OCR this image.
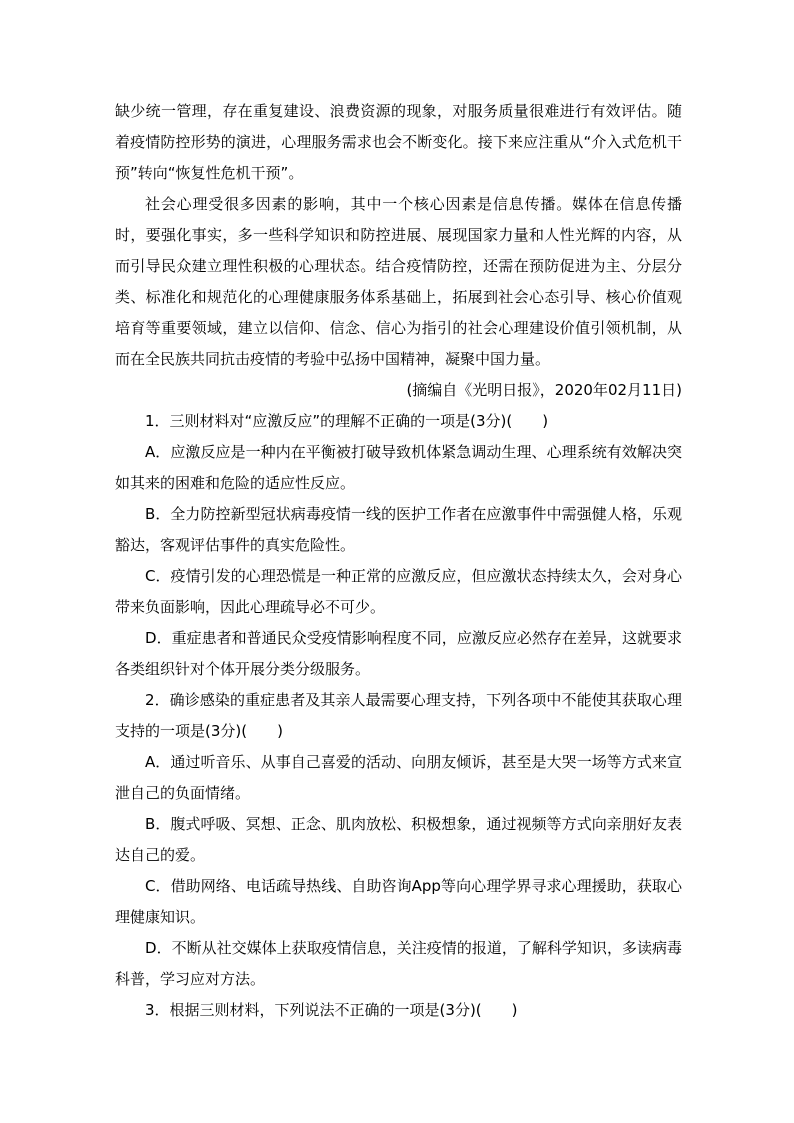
缺少统一管理，存在重复建设、浪费资源的现象，对服务质量很难进行有效评估。随着疫情防控形势的演进，心理服务需求也会不断变化。接下来应注重从“介入式危机干预”转向“恢复性危机干预”。

社会心理受很多因素的影响，其中一个核心因素是信息传播。媒体在信息传播时，要强化事实，多一些科学知识和防控进展、展现国家力量和人性光辉的内容，从而引导民众建立理性积极的心理状态。结合疫情防控，还需在预防促进为主、分层分类、标准化和规范化的心理健康服务体系基础上，拓展到社会心态引导、核心价值观培育等重要领域，建立以信仰、信念、信心为指引的社会心理建设价值引领机制，从而在全民族共同抗击疫情的考验中弘扬中国精神，凝聚中国力量。

(摘编自《光明日报》，2020年02月11日)

1．三则材料对“应激反应”的理解不正确的一项是(3分)(　　)

A．应激反应是一种内在平衡被打破导致机体紧急调动生理、心理系统有效解决突如其来的困难和危险的适应性反应。

B．全力防控新型冠状病毒疫情一线的医护工作者在应激事件中需强健人格，乐观豁达，客观评估事件的真实危险性。

C．疫情引发的心理恐慌是一种正常的应激反应，但应激状态持续太久，会对身心带来负面影响，因此心理疏导必不可少。

D．重症患者和普通民众受疫情影响程度不同，应激反应必然存在差异，这就要求各类组织针对个体开展分类分级服务。

2．确诊感染的重症患者及其亲人最需要心理支持，下列各项中不能使其获取心理支持的一项是(3分)(　　)

A．通过听音乐、从事自己喜爱的活动、向朋友倾诉，甚至是大哭一场等方式来宣泄自己的负面情绪。

B．腹式呼吸、冥想、正念、肌肉放松、积极想象，通过视频等方式向亲朋好友表达自己的爱。

C．借助网络、电话疏导热线、自助咨询App等向心理学界寻求心理援助，获取心理健康知识。

D．不断从社交媒体上获取疫情信息，关注疫情的报道，了解科学知识，多读病毒科普，学习应对方法。

3．根据三则材料，下列说法不正确的一项是(3分)(　　)
